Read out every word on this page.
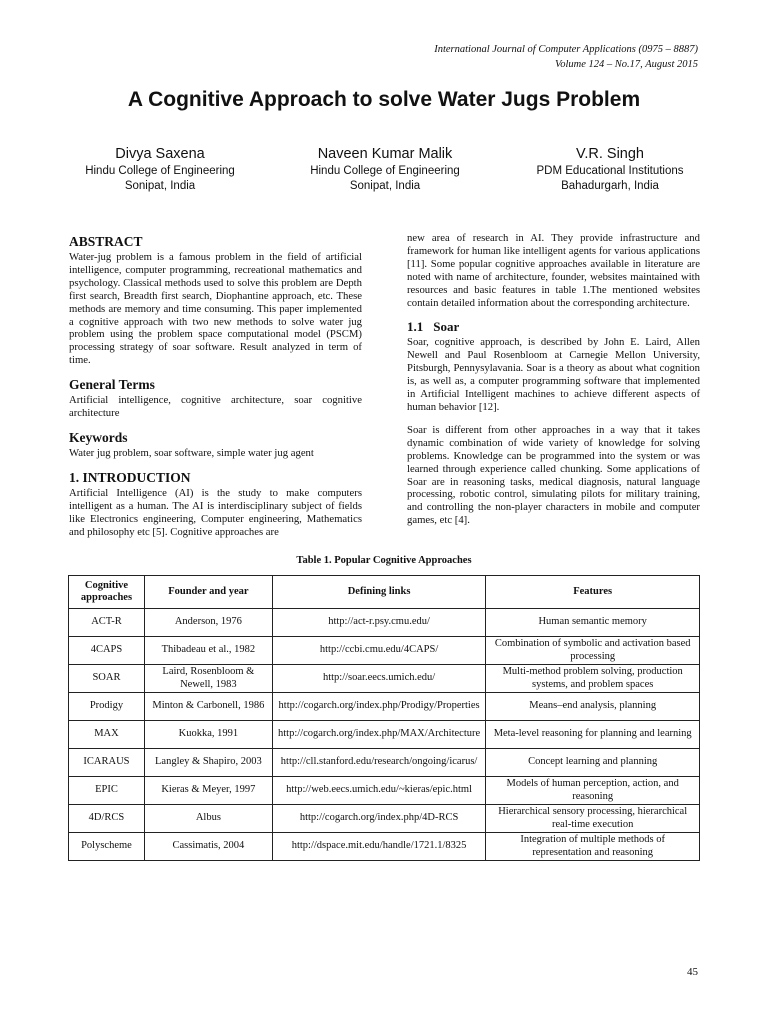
International Journal of Computer Applications (0975 – 8887)
Volume 124 – No.17, August 2015
A Cognitive Approach to solve Water Jugs Problem
Divya Saxena
Hindu College of Engineering
Sonipat, India
Naveen Kumar Malik
Hindu College of Engineering
Sonipat, India
V.R. Singh
PDM Educational Institutions
Bahadurgarh, India
ABSTRACT

Water-jug problem is a famous problem in the field of artificial intelligence, computer programming, recreational mathematics and psychology. Classical methods used to solve this problem are Depth first search, Breadth first search, Diophantine approach, etc. These methods are memory and time consuming. This paper implemented a cognitive approach with two new methods to solve water jug problem using the problem space computational model (PSCM) processing strategy of soar software. Result analyzed in term of time.

General Terms

Artificial intelligence, cognitive architecture, soar cognitive architecture

Keywords

Water jug problem, soar software, simple water jug agent

1. INTRODUCTION

Artificial Intelligence (AI) is the study to make computers intelligent as a human. The AI is interdisciplinary subject of fields like Electronics engineering, Computer engineering, Mathematics and philosophy etc [5]. Cognitive approaches are

new area of research in AI. They provide infrastructure and framework for human like intelligent agents for various applications [11]. Some popular cognitive approaches available in literature are noted with name of architecture, founder, websites maintained with resources and basic features in table 1.The mentioned websites contain detailed information about the corresponding architecture.

1.1 Soar

Soar, cognitive approach, is described by John E. Laird, Allen Newell and Paul Rosenbloom at Carnegie Mellon University, Pitsburgh, Pennysylavania. Soar is a theory as about what cognition is, as well as, a computer programming software that implemented in Artificial Intelligent machines to achieve different aspects of human behavior [12].

Soar is different from other approaches in a way that it takes dynamic combination of wide variety of knowledge for solving problems. Knowledge can be programmed into the system or was learned through experience called chunking. Some applications of Soar are in reasoning tasks, medical diagnosis, natural language processing, robotic control, simulating pilots for military training, and controlling the non-player characters in mobile and computer games, etc [4].

Table 1. Popular Cognitive Approaches
Cognitive approaches	Founder and year	Defining links	Features
ACT-R	Anderson, 1976	http://act-r.psy.cmu.edu/	Human semantic memory
4CAPS	Thibadeau et al., 1982	http://ccbi.cmu.edu/4CAPS/	Combination of symbolic and activation based processing
SOAR	Laird, Rosenbloom & Newell, 1983	http://soar.eecs.umich.edu/	Multi-method problem solving, production systems, and problem spaces
Prodigy	Minton & Carbonell, 1986	http://cogarch.org/index.php/Prodigy/Properties	Means–end analysis, planning
MAX	Kuokka, 1991	http://cogarch.org/index.php/MAX/Architecture	Meta-level reasoning for planning and learning
ICARAUS	Langley & Shapiro, 2003	http://cll.stanford.edu/research/ongoing/icarus/	Concept learning and planning
EPIC	Kieras & Meyer, 1997	http://web.eecs.umich.edu/~kieras/epic.html	Models of human perception, action, and reasoning
4D/RCS	Albus	http://cogarch.org/index.php/4D-RCS	Hierarchical sensory processing, hierarchical real-time execution
Polyscheme	Cassimatis, 2004	http://dspace.mit.edu/handle/1721.1/8325	Integration of multiple methods of representation and reasoning
45
